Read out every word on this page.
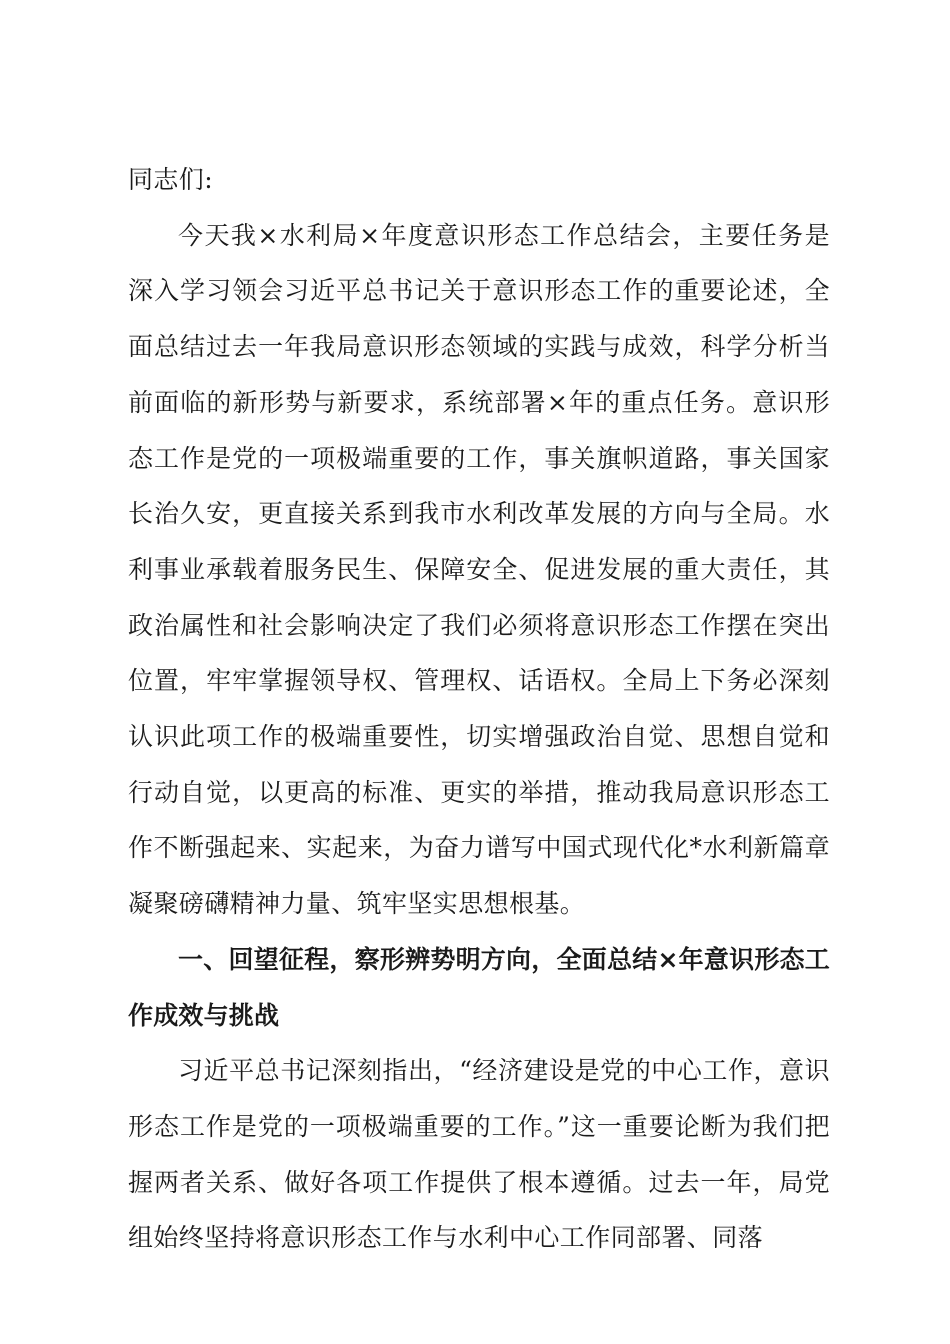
同志们:

今天我×水利局×年度意识形态工作总结会，主要任务是深入学习领会习近平总书记关于意识形态工作的重要论述，全面总结过去一年我局意识形态领域的实践与成效，科学分析当前面临的新形势与新要求，系统部署×年的重点任务。意识形态工作是党的一项极端重要的工作，事关旗帜道路，事关国家长治久安，更直接关系到我市水利改革发展的方向与全局。水利事业承载着服务民生、保障安全、促进发展的重大责任，其政治属性和社会影响决定了我们必须将意识形态工作摆在突出位置，牢牢掌握领导权、管理权、话语权。全局上下务必深刻认识此项工作的极端重要性，切实增强政治自觉、思想自觉和行动自觉，以更高的标准、更实的举措，推动我局意识形态工作不断强起来、实起来，为奋力谱写中国式现代化*水利新篇章凝聚磅礴精神力量、筑牢坚实思想根基。

一、回望征程，察形辨势明方向，全面总结×年意识形态工作成效与挑战

习近平总书记深刻指出，“经济建设是党的中心工作，意识形态工作是党的一项极端重要的工作。”这一重要论断为我们把握两者关系、做好各项工作提供了根本遵循。过去一年，局党组始终坚持将意识形态工作与水利中心工作同部署、同落
